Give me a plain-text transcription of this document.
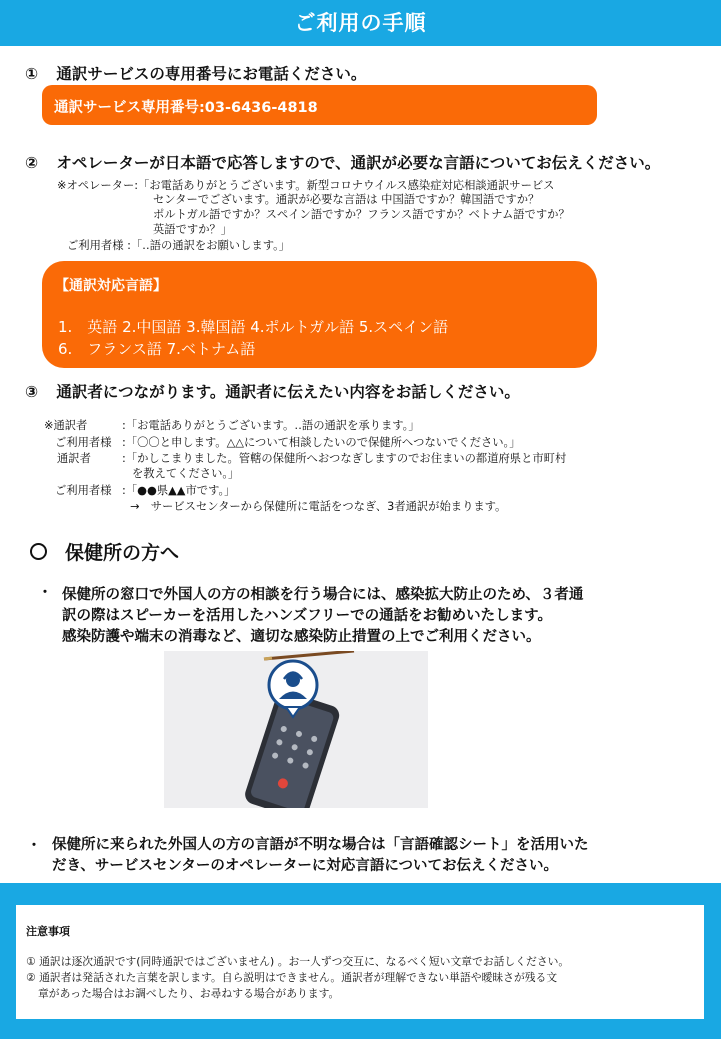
ご利用の手順
① 通訳サービスの専用番号にお電話ください。
通訳サービス専用番号:03-6436-4818
② オペレーターが日本語で応答しますので、通訳が必要な言語についてお伝えください。
※オペレーター:「お電話ありがとうございます。新型コロナウイルス感染症対応相談通訳サービス
センターでございます。通訳が必要な言語は 中国語ですか？韓国語ですか？
ポルトガル語ですか？スペイン語ですか？フランス語ですか？ベトナム語ですか？
英語ですか？」
ご利用者様 :「‥語の通訳をお願いします。」
【通訳対応言語】
1.　英語 2.中国語 3.韓国語 4.ポルトガル語 5.スペイン語
6.　フランス語 7.ベトナム語
③ 通訳者につながります。通訳者に伝えたい内容をお話しください。
※通訳者	:「お電話ありがとうございます。‥語の通訳を承ります。」
ご利用者様 :「〇〇と申します。△△について相談したいので保健所へつないでください。」
通訳者	:「かしこまりました。管轄の保健所へおつなぎしますのでお住まいの都道府県と市町村
を教えてください。」
ご利用者様 :「●●県▲▲市です。」
→　サービスセンターから保健所に電話をつなぎ、3者通訳が始まります。
保健所の方へ
・ 保健所の窓口で外国人の方の相談を行う場合には、感染拡大防止のため、３者通
訳の際はスピーカーを活用したハンズフリーでの通話をお勧めいたします。
感染防護や端末の消毒など、適切な感染防止措置の上でご利用ください。
・ 保健所に来られた外国人の方の言語が不明な場合は「言語確認シート」を活用いた
だき、サービスセンターのオペレーターに対応言語についてお伝えください。
注意事項
① 通訳は逐次通訳です(同時通訳ではございません) 。お一人ずつ交互に、なるべく短い文章でお話しください。
② 通訳者は発話された言葉を訳します。自ら説明はできません。通訳者が理解できない単語や曖昧さが残る文
章があった場合はお調べしたり、お尋ねする場合があります。
